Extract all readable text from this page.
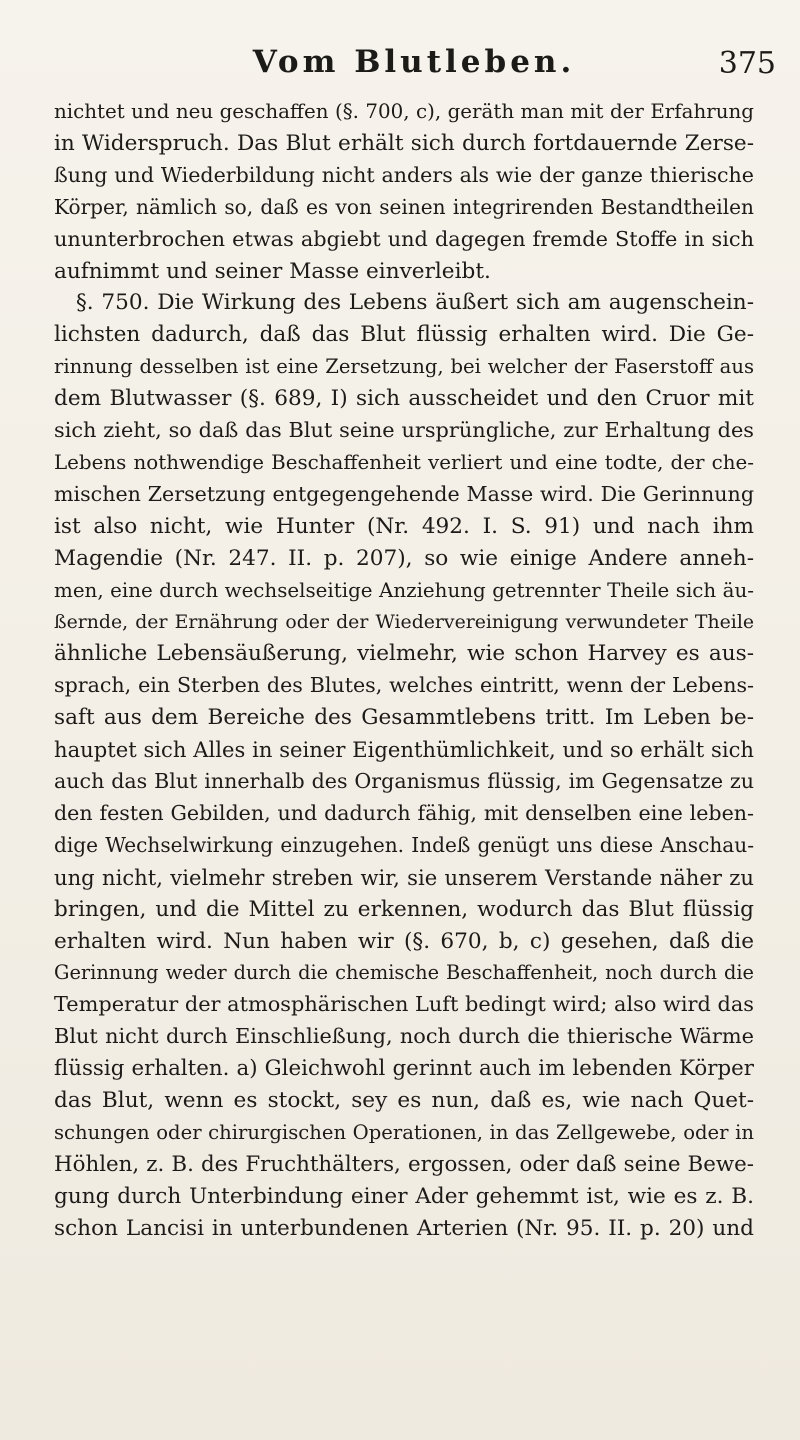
Vom Blutleben.	375
nichtet und neu geschaffen (§. 700, c), geräth man mit der Erfahrung
in Widerspruch. Das Blut erhält sich durch fortdauernde Zerse-
ßung und Wiederbildung nicht anders als wie der ganze thierische
Körper, nämlich so, daß es von seinen integrirenden Bestandtheilen
ununterbrochen etwas abgiebt und dagegen fremde Stoffe in sich
aufnimmt und seiner Masse einverleibt.
§. 750. Die Wirkung des Lebens äußert sich am augenschein-
lichsten dadurch, daß das Blut flüssig erhalten wird. Die Ge-
rinnung desselben ist eine Zersetzung, bei welcher der Faserstoff aus
dem Blutwasser (§. 689, I) sich ausscheidet und den Cruor mit
sich zieht, so daß das Blut seine ursprüngliche, zur Erhaltung des
Lebens nothwendige Beschaffenheit verliert und eine todte, der che-
mischen Zersetzung entgegengehende Masse wird. Die Gerinnung
ist also nicht, wie Hunter (Nr. 492. I. S. 91) und nach ihm
Magendie (Nr. 247. II. p. 207), so wie einige Andere anneh-
men, eine durch wechselseitige Anziehung getrennter Theile sich äu-
ßernde, der Ernährung oder der Wiedervereinigung verwundeter Theile
ähnliche Lebensäußerung, vielmehr, wie schon Harvey es aus-
sprach, ein Sterben des Blutes, welches eintritt, wenn der Lebens-
saft aus dem Bereiche des Gesammtlebens tritt. Im Leben be-
hauptet sich Alles in seiner Eigenthümlichkeit, und so erhält sich
auch das Blut innerhalb des Organismus flüssig, im Gegensatze zu
den festen Gebilden, und dadurch fähig, mit denselben eine leben-
dige Wechselwirkung einzugehen. Indeß genügt uns diese Anschau-
ung nicht, vielmehr streben wir, sie unserem Verstande näher zu
bringen, und die Mittel zu erkennen, wodurch das Blut flüssig
erhalten wird. Nun haben wir (§. 670, b, c) gesehen, daß die
Gerinnung weder durch die chemische Beschaffenheit, noch durch die
Temperatur der atmosphärischen Luft bedingt wird; also wird das
Blut nicht durch Einschließung, noch durch die thierische Wärme
flüssig erhalten. a) Gleichwohl gerinnt auch im lebenden Körper
das Blut, wenn es stockt, sey es nun, daß es, wie nach Quet-
schungen oder chirurgischen Operationen, in das Zellgewebe, oder in
Höhlen, z. B. des Fruchthälters, ergossen, oder daß seine Bewe-
gung durch Unterbindung einer Ader gehemmt ist, wie es z. B.
schon Lancisi in unterbundenen Arterien (Nr. 95. II. p. 20) und
